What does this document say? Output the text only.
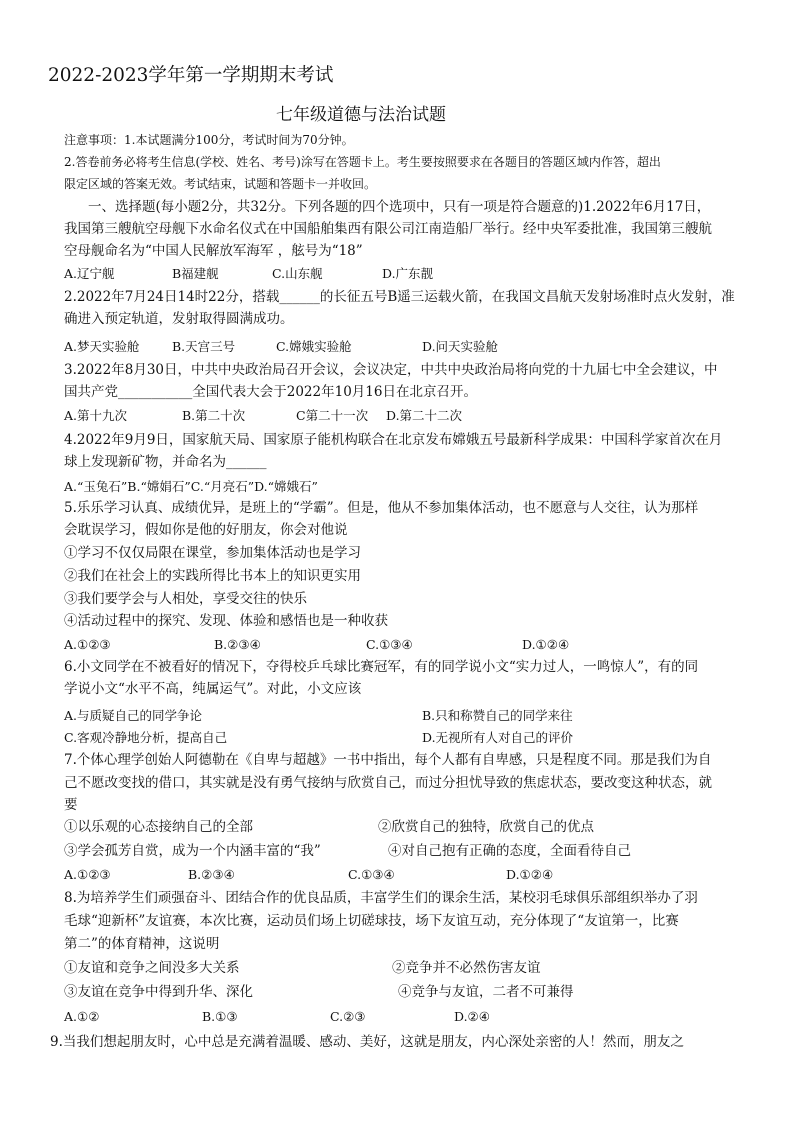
2022-2023学年第一学期期末考试
七年级道德与法治试题
注意事项：1.本试题满分100分，考试时间为70分钟。
2.答卷前务必将考生信息(学校、姓名、考号)涂写在答题卡上。考生要按照要求在各题目的答题区域内作答，超出
限定区域的答案无效。考试结束，试题和答题卡一并收回。
一、选择题(每小题2分，共32分。下列各题的四个选项中，只有一项是符合题意的)1.2022年6月17日，
我国第三艘航空母舰下水命名仪式在中国船舶集西有限公司江南造船厂举行。经中央军委批准，我国第三艘航
空母舰命名为“中国人民解放军海军 ，舷号为“18”
A.辽宁舰	B福建舰	C.山东舰	D.广东靓
2.2022年7月24日14时22分，搭载______的长征五号B遥三运载火箭，在我国文昌航天发射场准时点火发射，准
确进入预定轨道，发射取得圆满成功。
A.梦天实验舱	B.天宫三号	C.嫦娥实验舱	D.问天实验舱
3.2022年8月30日，中共中央政治局召开会议，会议决定，中共中央政治局将向党的十九届七中全会建议，中
国共产党___________全国代表大会于2022年10月16日在北京召开。
A.第十九次	B.第二十次	C第二十一次 D.第二十二次
4.2022年9月9日，国家航天局、国家原子能机构联合在北京发布嫦娥五号最新科学成果：中国科学家首次在月
球上发现新矿物，并命名为______
A.“玉兔石”B.“嫦娟石”C.“月亮石”D.“嫦娥石”
5.乐乐学习认真、成绩优异，是班上的“学霸”。但是，他从不参加集体活动，也不愿意与人交往，认为那样
会耽误学习，假如你是他的好朋友，你会对他说
①学习不仅仅局限在课堂，参加集体活动也是学习
②我们在社会上的实践所得比书本上的知识更实用
③我们要学会与人相处，享受交往的快乐
④活动过程中的探究、发现、体验和感悟也是一种收获
A.①②③	B.②③④	C.①③④	D.①②④
6.小文同学在不被看好的情况下，夺得校乒乓球比赛冠军，有的同学说小文“实力过人，一鸣惊人”，有的同
学说小文“水平不高，纯属运气”。对此，小文应该
A.与质疑自己的同学争论	B.只和称赞自己的同学来往
C.客观冷静地分析，提高自己	D.无视所有人对自己的评价
7.个体心理学创始人阿德勒在《自卑与超越》一书中指出，每个人都有自卑感，只是程度不同。那是我们为自
己不愿改变找的借口，其实就是没有勇气接纳与欣赏自己，而过分担忧导致的焦虑状态，要改变这种状态，就
要
①以乐观的心态接纳自己的全部	②欣赏自己的独特，欣赏自己的优点
③学会孤芳自赏，成为一个内涵丰富的“我”	④对自己抱有正确的态度，全面看待自己
A.①②③	B.②③④	C.①③④	D.①②④
8.为培养学生们顽强奋斗、团结合作的优良品质，丰富学生们的课余生活，某校羽毛球俱乐部组织举办了羽
毛球“迎新杯”友谊赛，本次比赛，运动员们场上切磋球技，场下友谊互动，充分体现了“友谊第一，比赛
第二”的体育精神，这说明
①友谊和竞争之间没多大关系	②竞争并不必然伤害友谊
③友谊在竞争中得到升华、深化	④竞争与友谊，二者不可兼得
A.①②	B.①③	C.②③	D.②④
9.当我们想起朋友时，心中总是充满着温暖、感动、美好，这就是朋友，内心深处亲密的人！然而，朋友之
